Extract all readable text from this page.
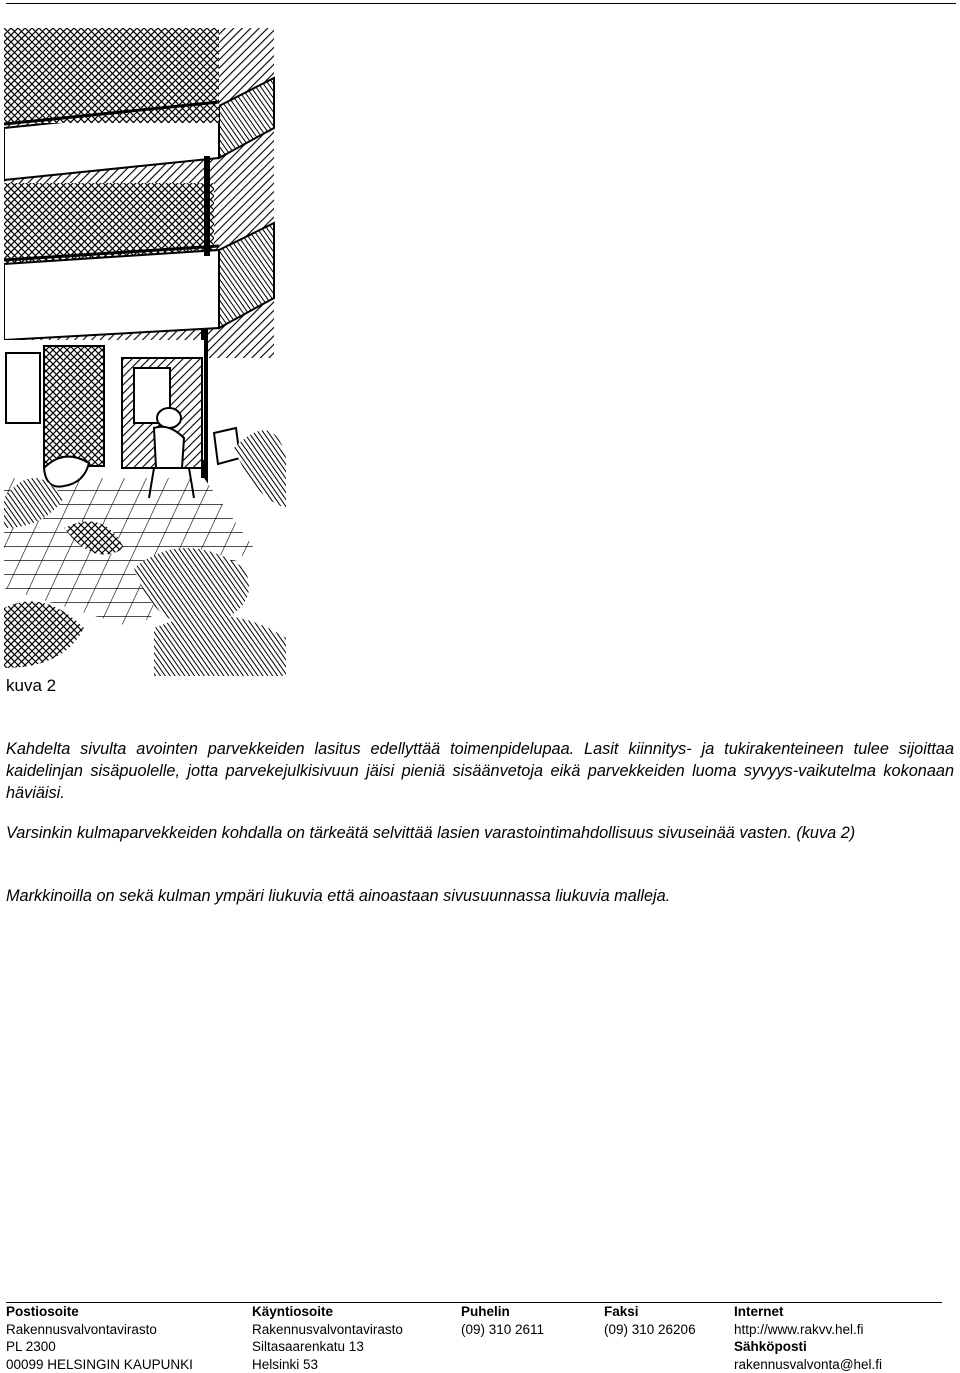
kuva 2

Kahdelta sivulta avointen parvekkeiden lasitus edellyttää toimenpidelupaa. Lasit kiinnitys- ja tukirakenteineen tulee sijoittaa kaidelinjan sisäpuolelle, jotta parvekejulkisivuun jäisi pieniä sisäänvetoja eikä parvekkeiden luoma syvyys-vaikutelma kokonaan häviäisi.

Varsinkin kulmaparvekkeiden kohdalla on tärkeätä selvittää lasien varastointimahdollisuus sivuseinää vasten. (kuva 2)

Markkinoilla on sekä kulman ympäri liukuvia että ainoastaan sivusuunnassa liukuvia malleja.

Postiosoite
Rakennusvalvontavirasto
PL 2300
00099 HELSINGIN KAUPUNKI
Käyntiosoite
Rakennusvalvontavirasto
Siltasaarenkatu 13
Helsinki 53
Puhelin
(09) 310 2611
Faksi
(09) 310 26206
Internet
http://www.rakvv.hel.fi
Sähköposti
rakennusvalvonta@hel.fi
